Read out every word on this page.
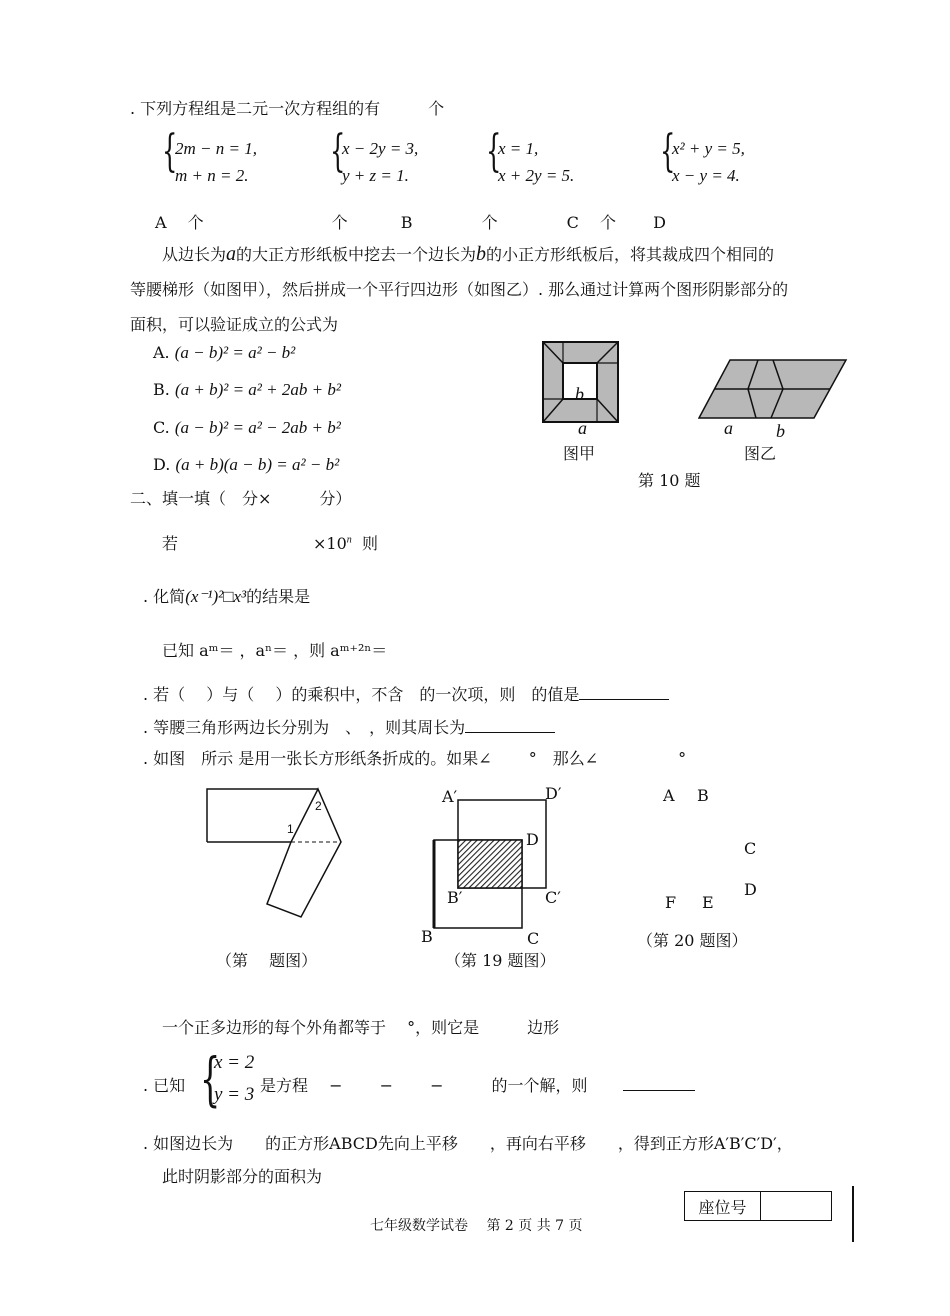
. 下列方程组是二元一次方程组的有　　　个
{
2m − n = 1,
m + n = 2. {
x − 2y = 3,
y + z = 1. {
x = 1,
x + 2y = 5. {
x² + y = 5,
x − y = 4.
A　 个　　　　　　　　个　　　 B　　　　 个　　　　 C　 个　　 D
从边长为a的大正方形纸板中挖去一个边长为b的小正方形纸板后，将其裁成四个相同的
等腰梯形（如图甲），然后拼成一个平行四边形（如图乙）. 那么通过计算两个图形阴影部分的
面积，可以验证成立的公式为
A. (a − b)² = a² − b²
B. (a + b)² = a² + 2ab + b²
C. (a − b)² = a² − 2ab + b²
D. (a + b)(a − b) = a² − b²
b
a
图甲
a b
图乙
第 10 题
二、填一填（　分×　　　分）
若	$\times 10^n$ 则
. 化简(x⁻¹)²□x³的结果是
已知 aᵐ＝ ，aⁿ＝ ，则 aᵐ⁺²ⁿ＝
. 若（　 ）与（　 ）的乘积中，不含　的一次项，则　的值是
. 等腰三角形两边长分别为　、　，则其周长为
. 如图　所示 是用一张长方形纸条折成的。如果∠　　 °　那么∠　　　　　°
1
2
（第　 题图）
A′	D′
D
B′	C′
B	C
（第 19 题图）
A B
C
D
F E
（第 20 题图）
一个正多边形的每个外角都等于　 °，则它是　　　边形
. 已知 {
x = 2
y = 3 是方程　 −　　 −　　 −　　　的一个解，则
. 如图边长为　　的正方形ABCD先向上平移　　，再向右平移　　，得到正方形A′B′C′D′，
此时阴影部分的面积为
七年级数学试卷　 第 2 页 共 7 页
座位号
